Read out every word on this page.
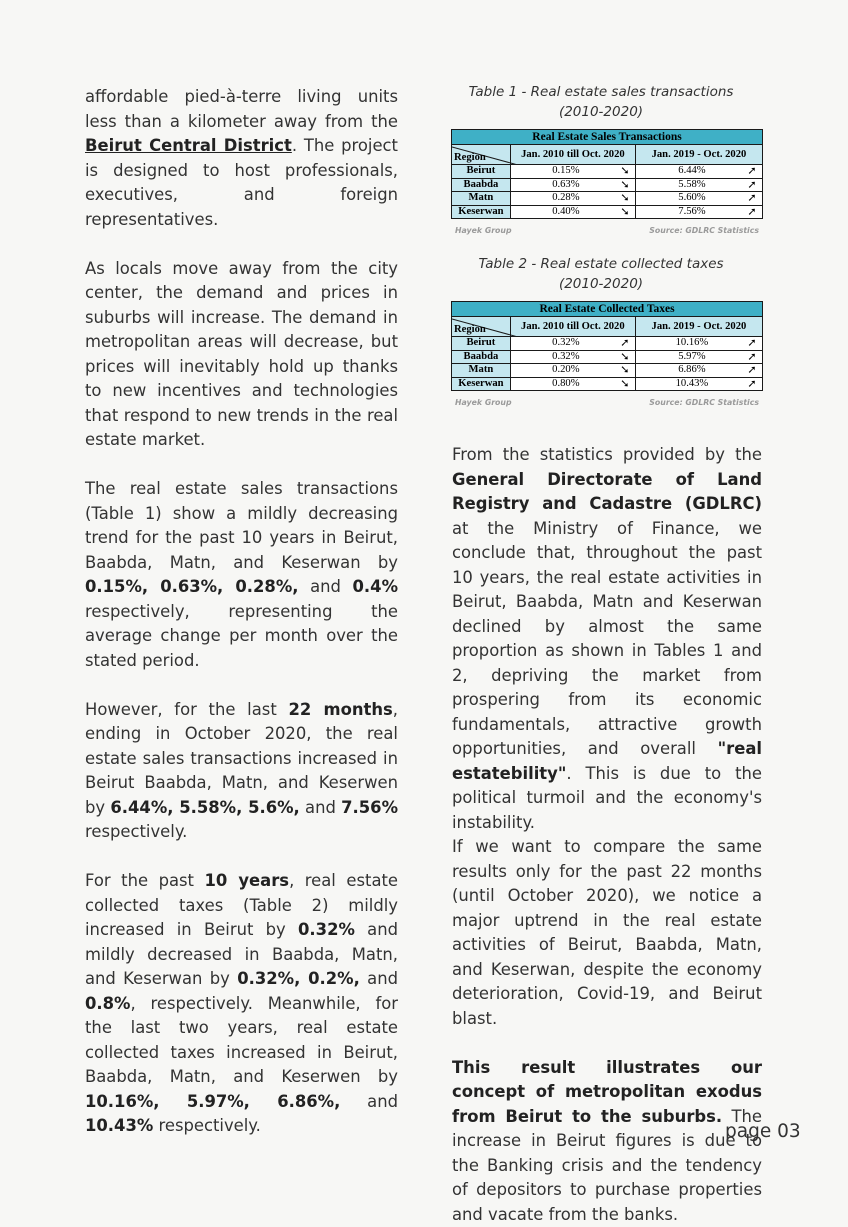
affordable pied-à-terre living units less than a kilometer away from the Beirut Central District. The project is designed to host professionals, executives, and foreign representatives.

As locals move away from the city center, the demand and prices in suburbs will increase. The demand in metropolitan areas will decrease, but prices will inevitably hold up thanks to new incentives and technologies that respond to new trends in the real estate market.

The real estate sales transactions (Table 1) show a mildly decreasing trend for the past 10 years in Beirut, Baabda, Matn, and Keserwan by 0.15%, 0.63%, 0.28%, and 0.4% respectively, representing the average change per month over the stated period.

However, for the last 22 months, ending in October 2020, the real estate sales transactions increased in Beirut Baabda, Matn, and Keserwen by 6.44%, 5.58%, 5.6%, and 7.56% respectively.

For the past 10 years, real estate collected taxes (Table 2) mildly increased in Beirut by 0.32% and mildly decreased in Baabda, Matn, and Keserwan by 0.32%, 0.2%, and 0.8%, respectively. Meanwhile, for the last two years, real estate collected taxes increased in Beirut, Baabda, Matn, and Keserwen by 10.16%, 5.97%, 6.86%, and 10.43% respectively.

Table 1 - Real estate sales transactions
(2010-2020)
Real Estate Sales Transactions		

Region	Jan. 2010 till Oct. 2020	Jan. 2019 - Oct. 2020
Beirut	0.15% ➘	6.44% ➚

Baabda	0.63% ➘	5.58% ➚

Matn	0.28% ➘	5.60% ➚

Keserwan	0.40% ➘	7.56% ➚
Hayek Group	Source: GDLRC Statistics
Table 2 - Real estate collected taxes
(2010-2020)
Real Estate Collected Taxes		

Region	Jan. 2010 till Oct. 2020	Jan. 2019 - Oct. 2020
Beirut	0.32% ➚	10.16% ➚

Baabda	0.32% ➘	5.97% ➚

Matn	0.20% ➘	6.86% ➚

Keserwan	0.80% ➘	10.43% ➚
Hayek Group	Source: GDLRC Statistics

From the statistics provided by the General Directorate of Land Registry and Cadastre (GDLRC) at the Ministry of Finance, we conclude that, throughout the past 10 years, the real estate activities in Beirut, Baabda, Matn and Keserwan declined by almost the same proportion as shown in Tables 1 and 2, depriving the market from prospering from its economic fundamentals, attractive growth opportunities, and overall "real estatebility". This is due to the political turmoil and the economy's instability.

If we want to compare the same results only for the past 22 months (until October 2020), we notice a major uptrend in the real estate activities of Beirut, Baabda, Matn, and Keserwan, despite the economy deterioration, Covid-19, and Beirut blast.

This result illustrates our concept of metropolitan exodus from Beirut to the suburbs. The increase in Beirut figures is due to the Banking crisis and the tendency of depositors to purchase properties and vacate from the banks.

page 03
